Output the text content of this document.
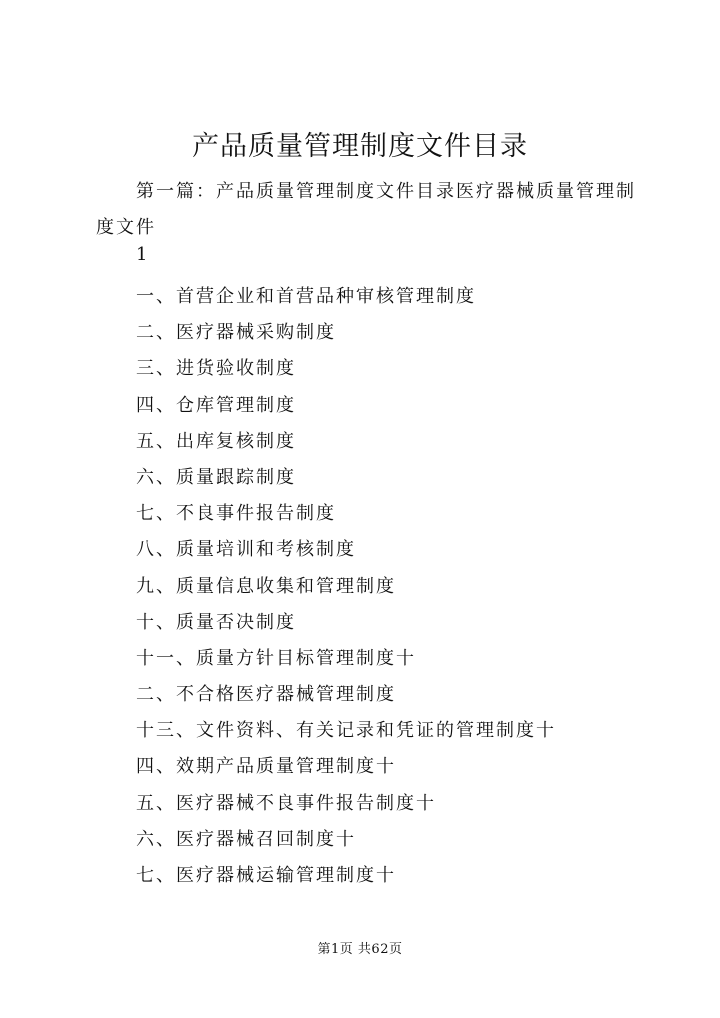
产品质量管理制度文件目录

第一篇：产品质量管理制度文件目录医疗器械质量管理制度文件

1

一、首营企业和首营品种审核管理制度
二、医疗器械采购制度
三、进货验收制度
四、仓库管理制度
五、出库复核制度
六、质量跟踪制度
七、不良事件报告制度
八、质量培训和考核制度
九、质量信息收集和管理制度
十、质量否决制度
十一、质量方针目标管理制度十
二、不合格医疗器械管理制度
十三、文件资料、有关记录和凭证的管理制度十
四、效期产品质量管理制度十
五、医疗器械不良事件报告制度十
六、医疗器械召回制度十
七、医疗器械运输管理制度十
第1页 共62页
